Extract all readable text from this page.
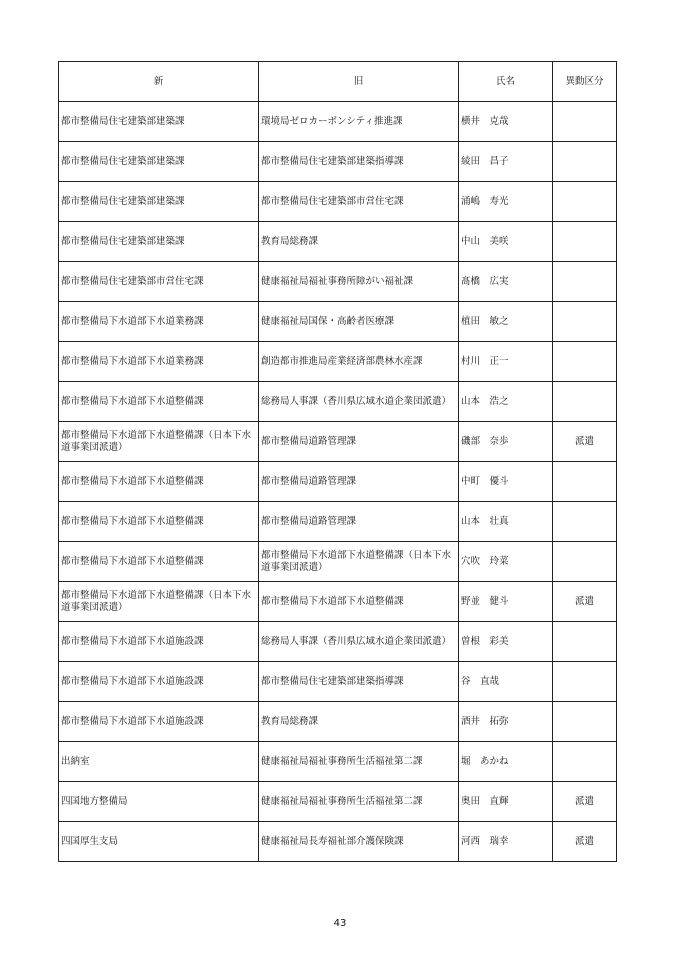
新	旧	氏名	異動区分
都市整備局住宅建築部建築課	環境局ゼロカーボンシティ推進課	横井　克哉	
都市整備局住宅建築部建築課	都市整備局住宅建築部建築指導課	綾田　昌子	
都市整備局住宅建築部建築課	都市整備局住宅建築部市営住宅課	涌嶋　寿光	
都市整備局住宅建築部建築課	教育局総務課	中山　美咲	
都市整備局住宅建築部市営住宅課	健康福祉局福祉事務所障がい福祉課	髙橋　広実	
都市整備局下水道部下水道業務課	健康福祉局国保・高齢者医療課	植田　敏之	
都市整備局下水道部下水道業務課	創造都市推進局産業経済部農林水産課	村川　正一	
都市整備局下水道部下水道整備課	総務局人事課（香川県広域水道企業団派遣）	山本　浩之	
都市整備局下水道部下水道整備課（日本下水道事業団派遣）	都市整備局道路管理課	磯部　奈歩	派遣
都市整備局下水道部下水道整備課	都市整備局道路管理課	中町　優斗	
都市整備局下水道部下水道整備課	都市整備局道路管理課	山本　壮真	
都市整備局下水道部下水道整備課	都市整備局下水道部下水道整備課（日本下水道事業団派遣）	穴吹　玲菜	
都市整備局下水道部下水道整備課（日本下水道事業団派遣）	都市整備局下水道部下水道整備課	野並　健斗	派遣
都市整備局下水道部下水道施設課	総務局人事課（香川県広域水道企業団派遣）	曽根　彩美	
都市整備局下水道部下水道施設課	都市整備局住宅建築部建築指導課	谷　直哉	
都市整備局下水道部下水道施設課	教育局総務課	酒井　拓弥	
出納室	健康福祉局福祉事務所生活福祉第二課	堀　あかね	
四国地方整備局	健康福祉局福祉事務所生活福祉第二課	奥田　直輝	派遣
四国厚生支局	健康福祉局長寿福祉部介護保険課	河西　瑞幸	派遣
43
